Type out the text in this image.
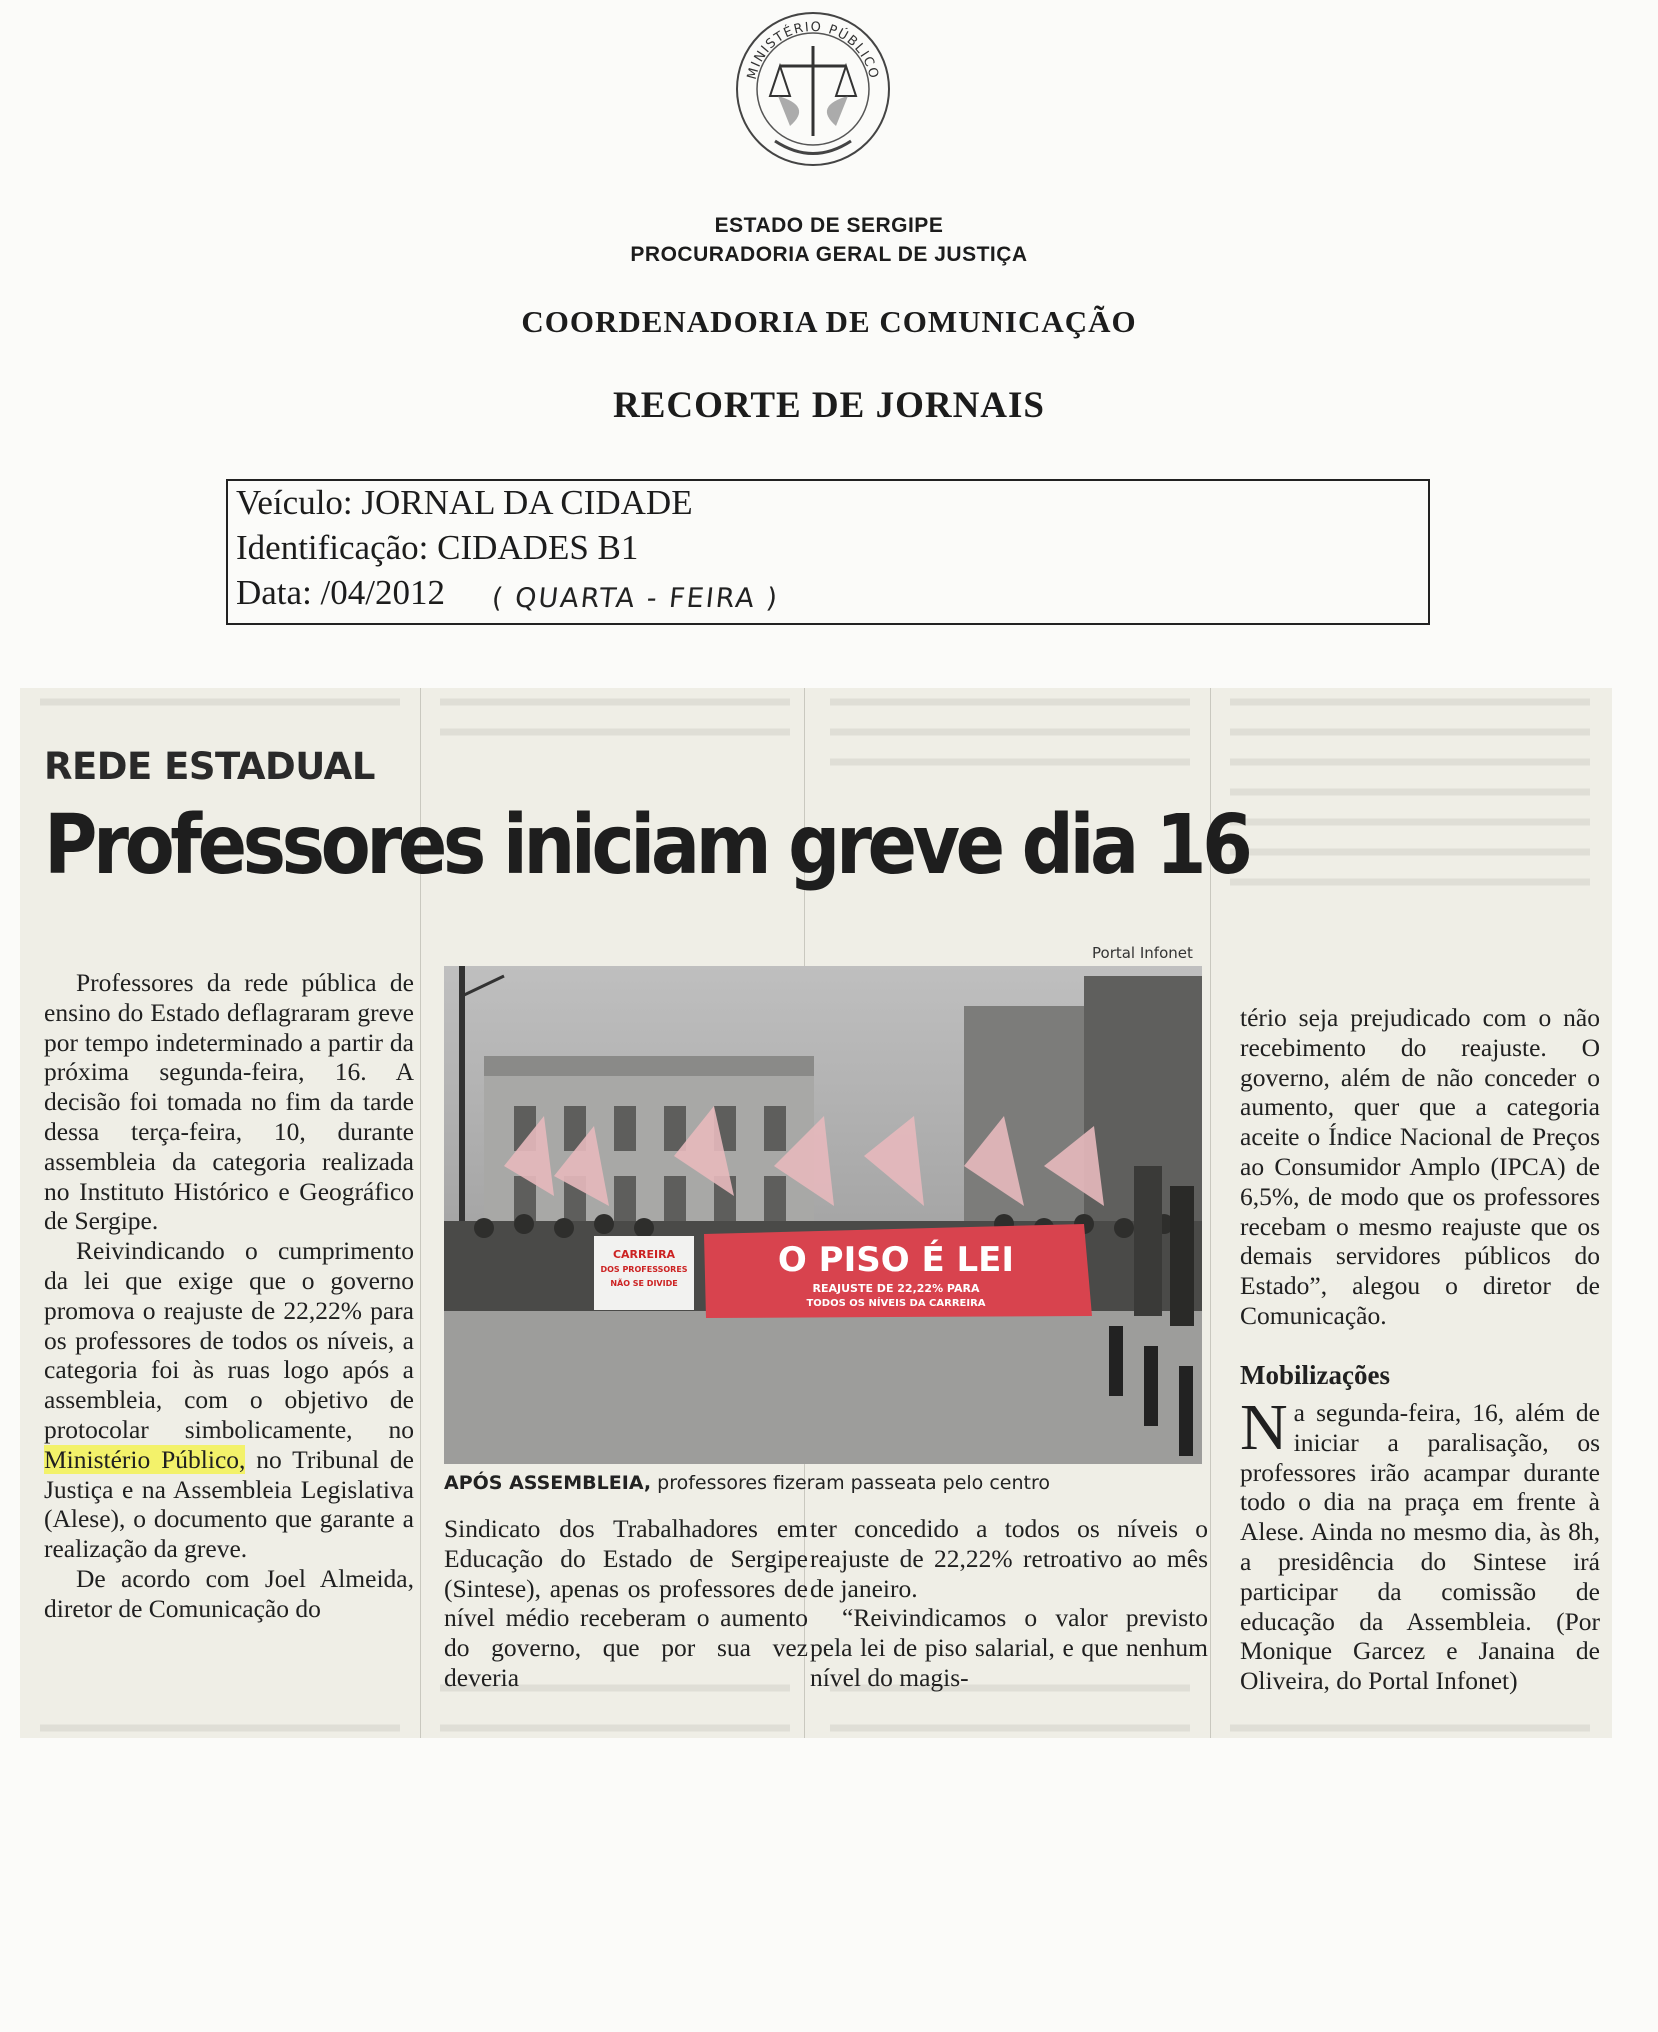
MINISTÉRIO PÚBLICO
ESTADO DE SERGIPE
PROCURADORIA GERAL DE JUSTIÇA
COORDENADORIA DE COMUNICAÇÃO
RECORTE DE JORNAIS
Veículo: JORNAL DA CIDADE
Identificação: CIDADES B1
Data: /04/2012 ( QUARTA - FEIRA )
REDE ESTADUAL
Professores iniciam greve dia 16

Professores da rede pública de ensino do Estado deflagraram greve por tempo indeterminado a partir da próxima segunda-feira, 16. A decisão foi tomada no fim da tarde dessa terça-feira, 10, durante assembleia da categoria realizada no Instituto Histórico e Geográfico de Sergipe.

Reivindicando o cumprimento da lei que exige que o governo promova o reajuste de 22,22% para os professores de todos os níveis, a categoria foi às ruas logo após a assembleia, com o objetivo de protocolar simbolicamente, no Ministério Público, no Tribunal de Justiça e na Assembleia Legislativa (Alese), o documento que garante a realização da greve.

De acordo com Joel Almeida, diretor de Comunicação do

Portal Infonet
CARREIRA
DOS PROFESSORES
NÃO SE DIVIDE
O PISO É LEI
REAJUSTE DE 22,22% PARA
TODOS OS NÍVEIS DA CARREIRA
APÓS ASSEMBLEIA, professores fizeram passeata pelo centro

Sindicato dos Trabalhadores em Educação do Estado de Sergipe (Sintese), apenas os professores de nível médio receberam o aumento do governo, que por sua vez deveria

ter concedido a todos os níveis o reajuste de 22,22% retroativo ao mês de janeiro.

“Reivindicamos o valor previsto pela lei de piso salarial, e que nenhum nível do magis-

tério seja prejudicado com o não recebimento do reajuste. O governo, além de não conceder o aumento, quer que a categoria aceite o Índice Nacional de Preços ao Consumidor Amplo (IPCA) de 6,5%, de modo que os professores recebam o mesmo reajuste que os demais servidores públicos do Estado”, alegou o diretor de Comunicação.

Mobilizações

Na segunda-feira, 16, além de iniciar a paralisação, os professores irão acampar durante todo o dia na praça em frente à Alese. Ainda no mesmo dia, às 8h, a presidência do Sintese irá participar da comissão de educação da Assembleia. (Por Monique Garcez e Janaina de Oliveira, do Portal Infonet)
